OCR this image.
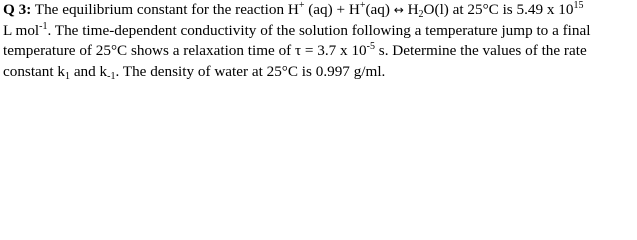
Q 3: The equilibrium constant for the reaction H+ (aq) + H+(aq) ↔ $H_2O(l)$ at 25°C is 5.49 x $10^{15}$
L mol$^{-1}$. The time-dependent conductivity of the solution following a temperature jump to a final
temperature of 25°C shows a relaxation time of τ = 3.7 x $10^{-5}$ s. Determine the values of the rate
constant $k_1$ and $k_{-1}$. The density of water at 25°C is 0.997 g/ml.
